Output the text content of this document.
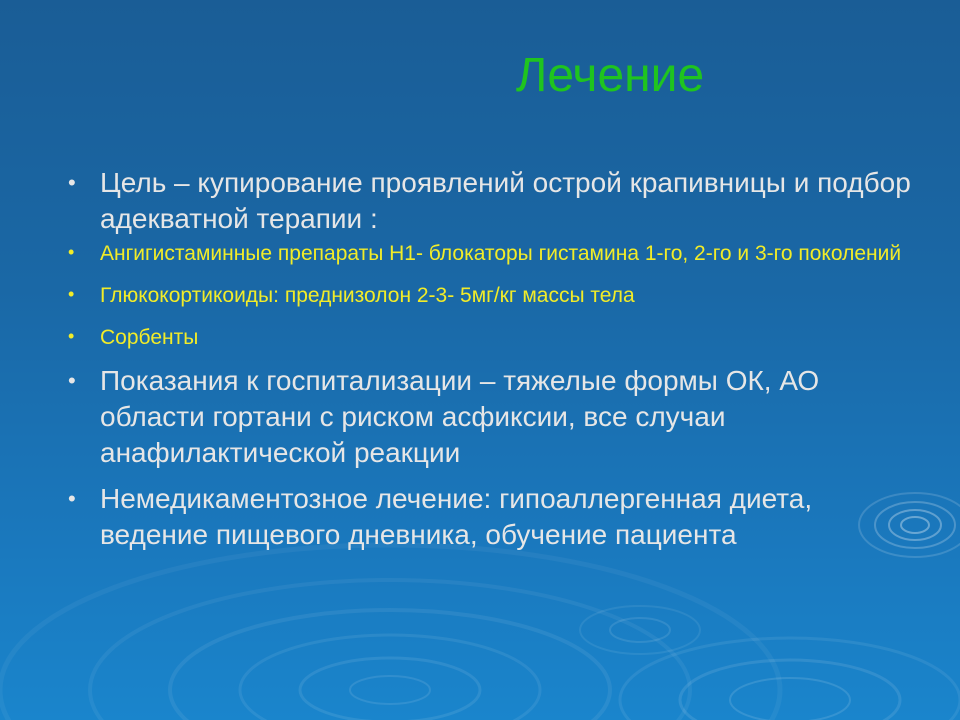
Лечение
• Цель – купирование проявлений острой крапивницы и подбор адекватной терапии :
• Ангигистаминные препараты Н1- блокаторы гистамина 1-го, 2-го и 3-го поколений
• Глюкокортикоиды: преднизолон 2-3- 5мг/кг массы тела
• Сорбенты
• Показания к госпитализации – тяжелые формы ОК, АО области гортани с риском асфиксии, все случаи анафилактической реакции
• Немедикаментозное лечение: гипоаллергенная диета, ведение пищевого дневника, обучение пациента
